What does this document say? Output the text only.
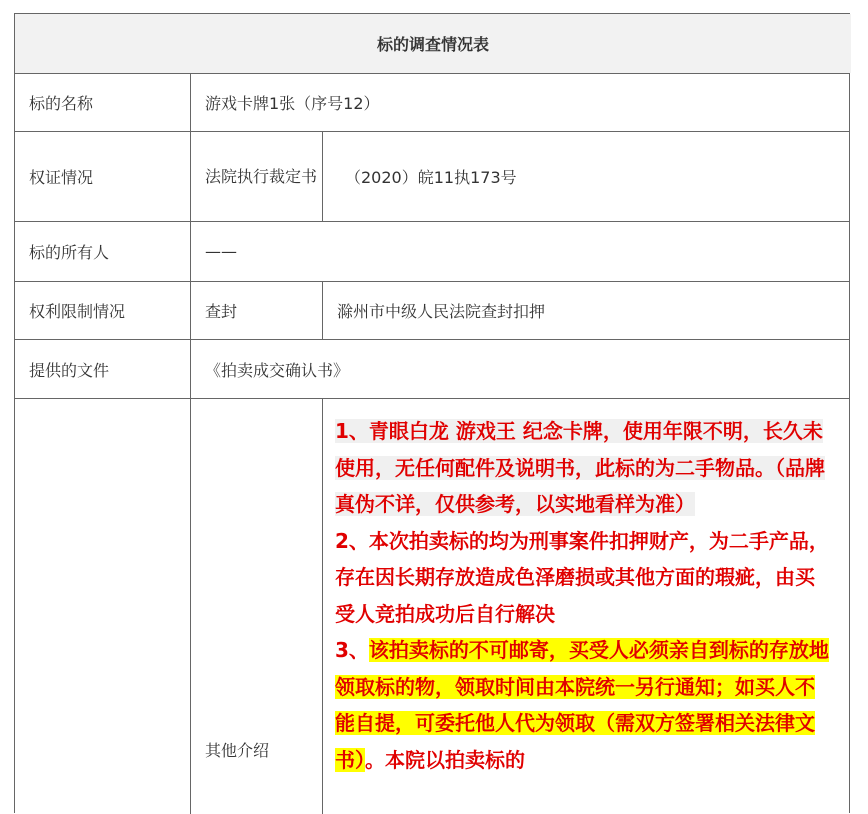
标的调查情况表
标的名称	游戏卡牌1张（序号12）
权证情况	法院执行裁定书 （2020）皖11执173号
标的所有人	——
权利限制情况	查封	滁州市中级人民法院查封扣押
提供的文件	《拍卖成交确认书》
其他介绍
1、青眼白龙 游戏王 纪念卡牌，使用年限不明，长久未使用，无任何配件及说明书，此标的为二手物品。（品牌真伪不详，仅供参考，以实地看样为准）
2、本次拍卖标的均为刑事案件扣押财产，为二手产品，存在因长期存放造成色泽磨损或其他方面的瑕疵，由买受人竞拍成功后自行解决
3、该拍卖标的不可邮寄，买受人必须亲自到标的存放地领取标的物，领取时间由本院统一另行通知；如买人不能自提，可委托他人代为领取（需双方签署相关法律文书）。本院以拍卖标的
